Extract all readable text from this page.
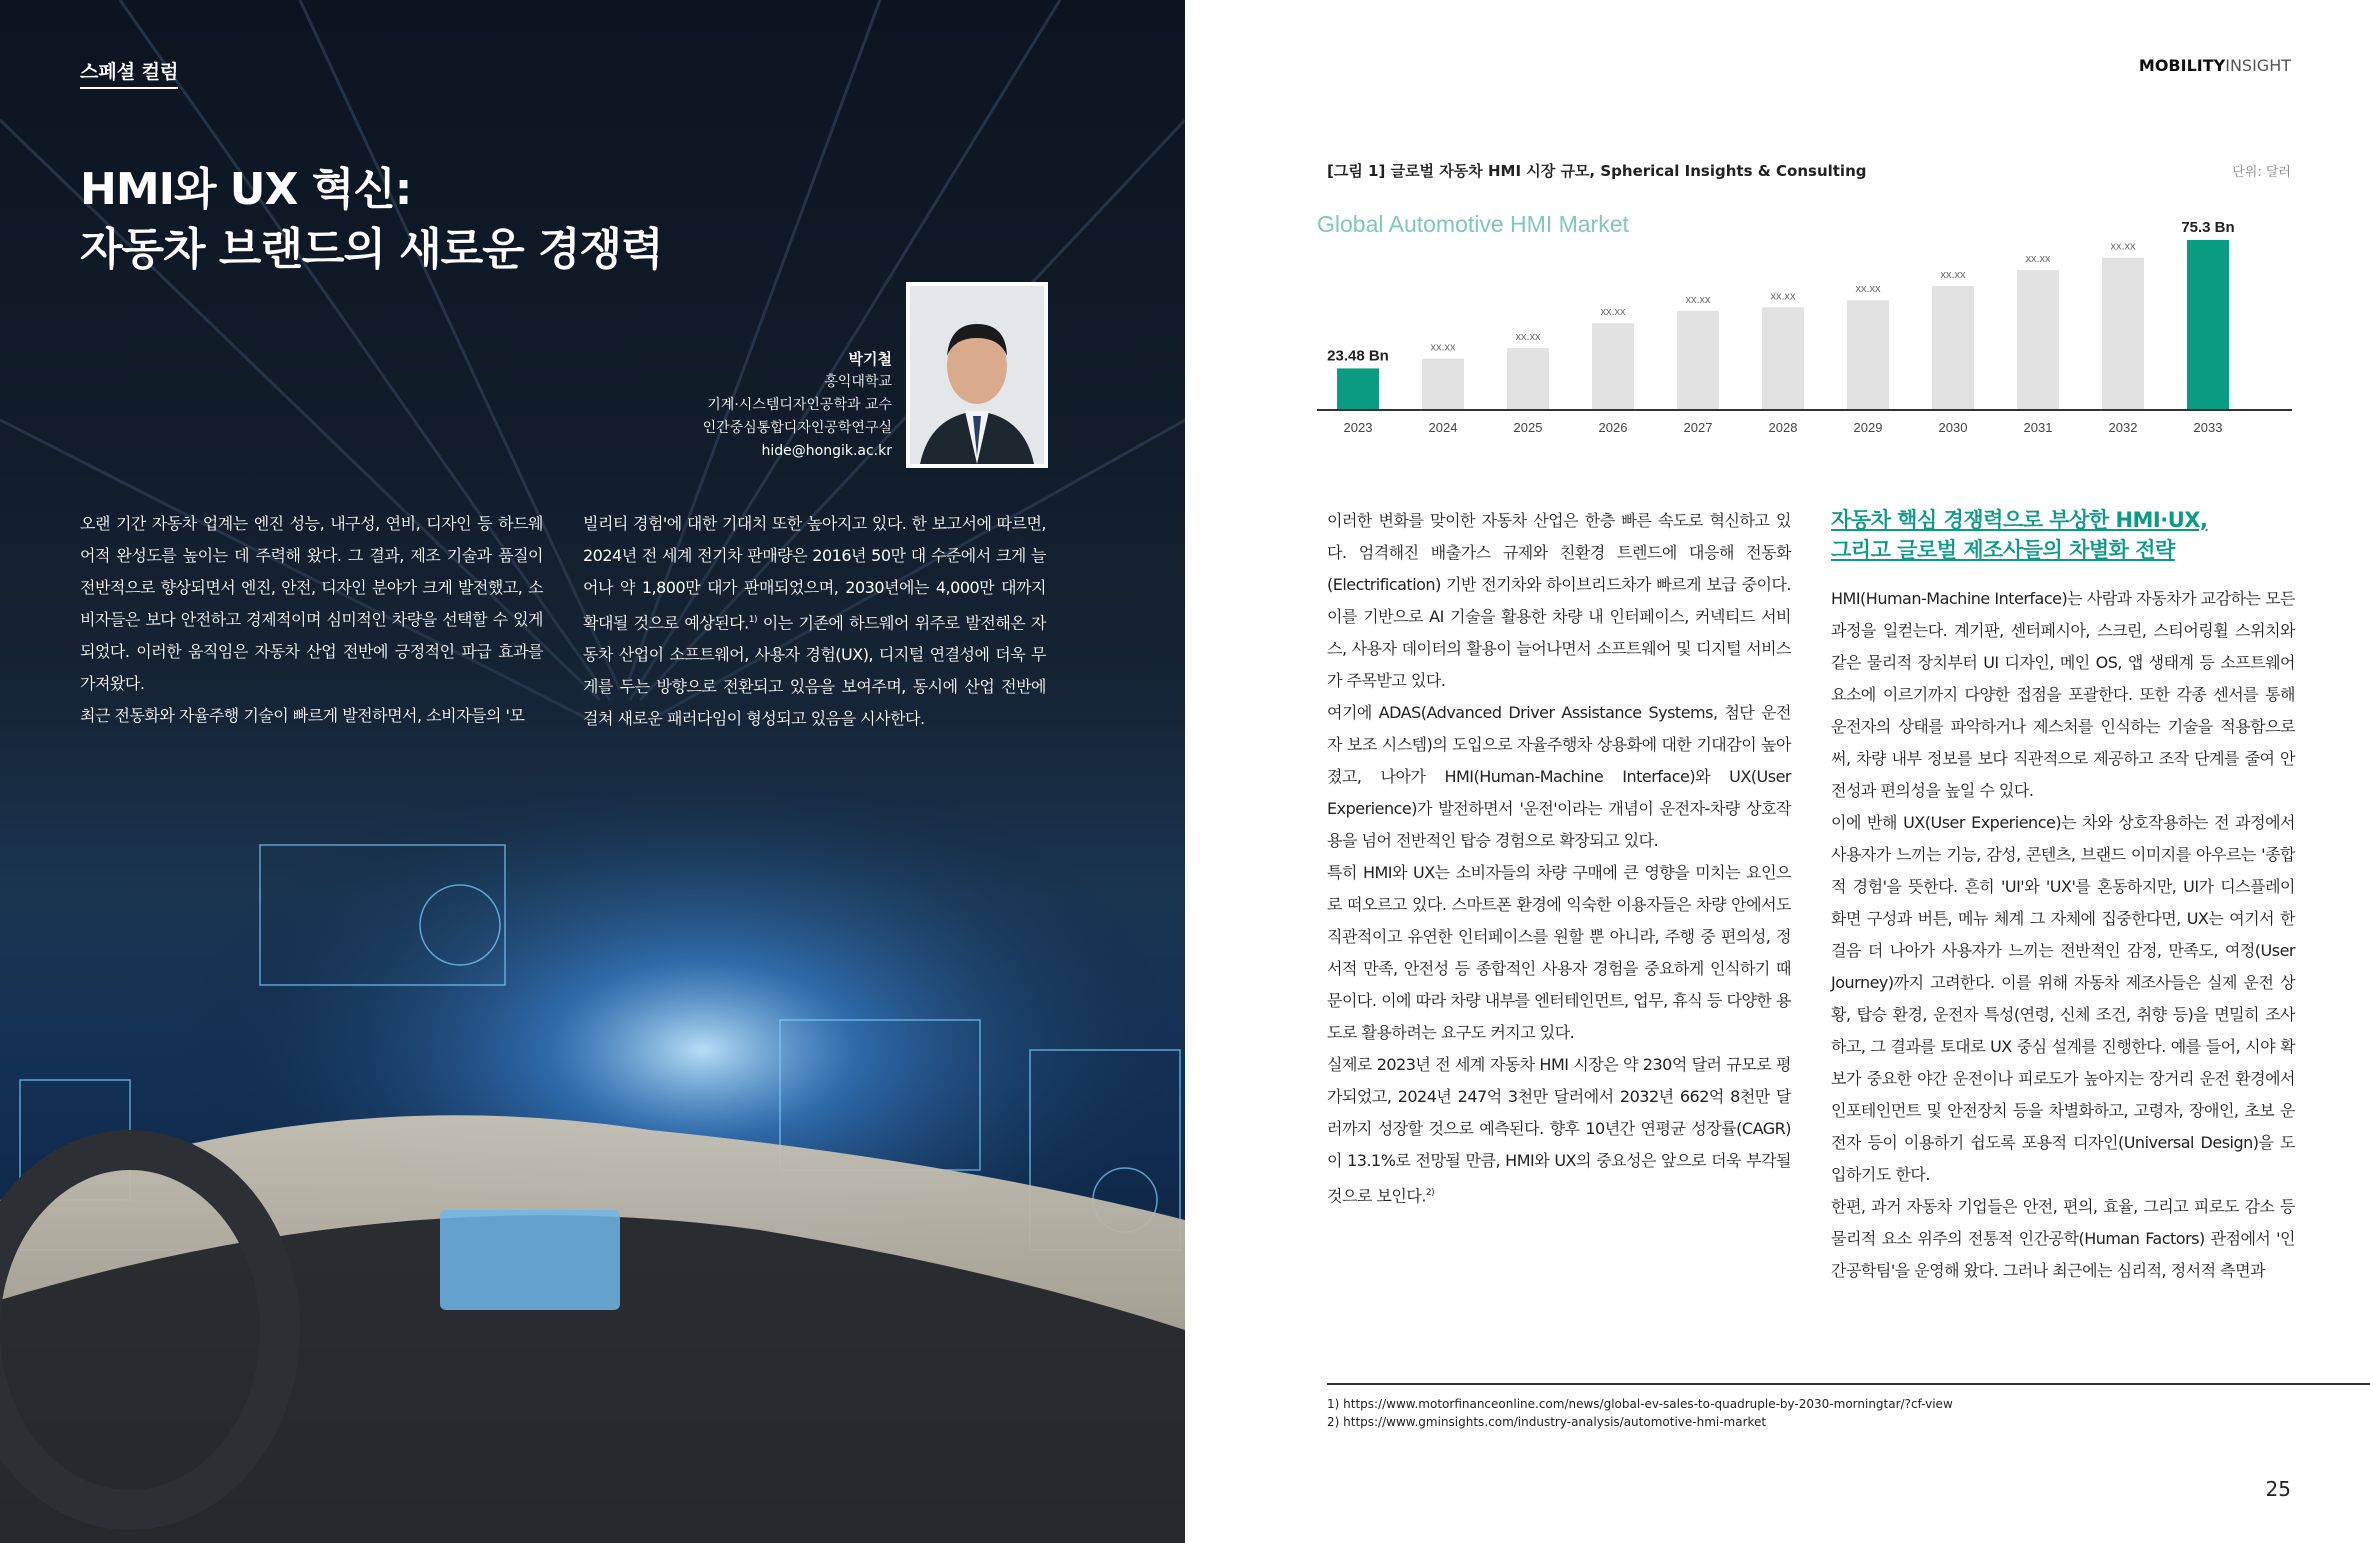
스페셜 컬럼
HMI와 UX 혁신:
자동차 브랜드의 새로운 경쟁력
박기철
홍익대학교
기계·시스템디자인공학과 교수
인간중심통합디자인공학연구실
hide@hongik.ac.kr

오랜 기간 자동차 업계는 엔진 성능, 내구성, 연비, 디자인 등 하드웨어적 완성도를 높이는 데 주력해 왔다. 그 결과, 제조 기술과 품질이 전반적으로 향상되면서 엔진, 안전, 디자인 분야가 크게 발전했고, 소비자들은 보다 안전하고 경제적이며 심미적인 차량을 선택할 수 있게 되었다. 이러한 움직임은 자동차 산업 전반에 긍정적인 파급 효과를 가져왔다.

최근 전동화와 자율주행 기술이 빠르게 발전하면서, 소비자들의 '모

빌리티 경험'에 대한 기대치 또한 높아지고 있다. 한 보고서에 따르면, 2024년 전 세계 전기차 판매량은 2016년 50만 대 수준에서 크게 늘어나 약 1,800만 대가 판매되었으며, 2030년에는 4,000만 대까지 확대될 것으로 예상된다.$^{1)}$ 이는 기존에 하드웨어 위주로 발전해온 자동차 산업이 소프트웨어, 사용자 경험(UX), 디지털 연결성에 더욱 무게를 두는 방향으로 전환되고 있음을 보여주며, 동시에 산업 전반에 걸쳐 새로운 패러다임이 형성되고 있음을 시사한다.

MOBILITYINSIGHT
[그림 1] 글로벌 자동차 HMI 시장 규모, Spherical Insights & Consulting	단위: 달러
Global Automotive HMI Market
23.48 Bn
2023
xx.xx
2024
xx.xx
2025
xx.xx
2026
xx.xx
2027
xx.xx
2028
xx.xx
2029
xx.xx
2030
xx.xx
2031
xx.xx
2032
75.3 Bn
2033

이러한 변화를 맞이한 자동차 산업은 한층 빠른 속도로 혁신하고 있다. 엄격해진 배출가스 규제와 친환경 트렌드에 대응해 전동화(Electrification) 기반 전기차와 하이브리드차가 빠르게 보급 중이다. 이를 기반으로 AI 기술을 활용한 차량 내 인터페이스, 커넥티드 서비스, 사용자 데이터의 활용이 늘어나면서 소프트웨어 및 디지털 서비스가 주목받고 있다.

여기에 ADAS(Advanced Driver Assistance Systems, 첨단 운전자 보조 시스템)의 도입으로 자율주행차 상용화에 대한 기대감이 높아졌고, 나아가 HMI(Human-Machine Interface)와 UX(User Experience)가 발전하면서 '운전'이라는 개념이 운전자-차량 상호작용을 넘어 전반적인 탑승 경험으로 확장되고 있다.

특히 HMI와 UX는 소비자들의 차량 구매에 큰 영향을 미치는 요인으로 떠오르고 있다. 스마트폰 환경에 익숙한 이용자들은 차량 안에서도 직관적이고 유연한 인터페이스를 원할 뿐 아니라, 주행 중 편의성, 정서적 만족, 안전성 등 종합적인 사용자 경험을 중요하게 인식하기 때문이다. 이에 따라 차량 내부를 엔터테인먼트, 업무, 휴식 등 다양한 용도로 활용하려는 요구도 커지고 있다.

실제로 2023년 전 세계 자동차 HMI 시장은 약 230억 달러 규모로 평가되었고, 2024년 247억 3천만 달러에서 2032년 662억 8천만 달러까지 성장할 것으로 예측된다. 향후 10년간 연평균 성장률(CAGR)이 13.1%로 전망될 만큼, HMI와 UX의 중요성은 앞으로 더욱 부각될 것으로 보인다.$^{2)}$

자동차 핵심 경쟁력으로 부상한 HMI·UX,
그리고 글로벌 제조사들의 차별화 전략

HMI(Human-Machine Interface)는 사람과 자동차가 교감하는 모든 과정을 일컫는다. 계기판, 센터페시아, 스크린, 스티어링휠 스위치와 같은 물리적 장치부터 UI 디자인, 메인 OS, 앱 생태계 등 소프트웨어 요소에 이르기까지 다양한 접점을 포괄한다. 또한 각종 센서를 통해 운전자의 상태를 파악하거나 제스처를 인식하는 기술을 적용함으로써, 차량 내부 정보를 보다 직관적으로 제공하고 조작 단계를 줄여 안전성과 편의성을 높일 수 있다.

이에 반해 UX(User Experience)는 차와 상호작용하는 전 과정에서 사용자가 느끼는 기능, 감성, 콘텐츠, 브랜드 이미지를 아우르는 '종합적 경험'을 뜻한다. 흔히 'UI'와 'UX'를 혼동하지만, UI가 디스플레이 화면 구성과 버튼, 메뉴 체계 그 자체에 집중한다면, UX는 여기서 한 걸음 더 나아가 사용자가 느끼는 전반적인 감정, 만족도, 여정(User Journey)까지 고려한다. 이를 위해 자동차 제조사들은 실제 운전 상황, 탑승 환경, 운전자 특성(연령, 신체 조건, 취향 등)을 면밀히 조사하고, 그 결과를 토대로 UX 중심 설계를 진행한다. 예를 들어, 시야 확보가 중요한 야간 운전이나 피로도가 높아지는 장거리 운전 환경에서 인포테인먼트 및 안전장치 등을 차별화하고, 고령자, 장애인, 초보 운전자 등이 이용하기 쉽도록 포용적 디자인(Universal Design)을 도입하기도 한다.

한편, 과거 자동차 기업들은 안전, 편의, 효율, 그리고 피로도 감소 등 물리적 요소 위주의 전통적 인간공학(Human Factors) 관점에서 '인간공학팀'을 운영해 왔다. 그러나 최근에는 심리적, 정서적 측면과

1) https://www.motorfinanceonline.com/news/global-ev-sales-to-quadruple-by-2030-morningtar/?cf-view
2) https://www.gminsights.com/industry-analysis/automotive-hmi-market
25
